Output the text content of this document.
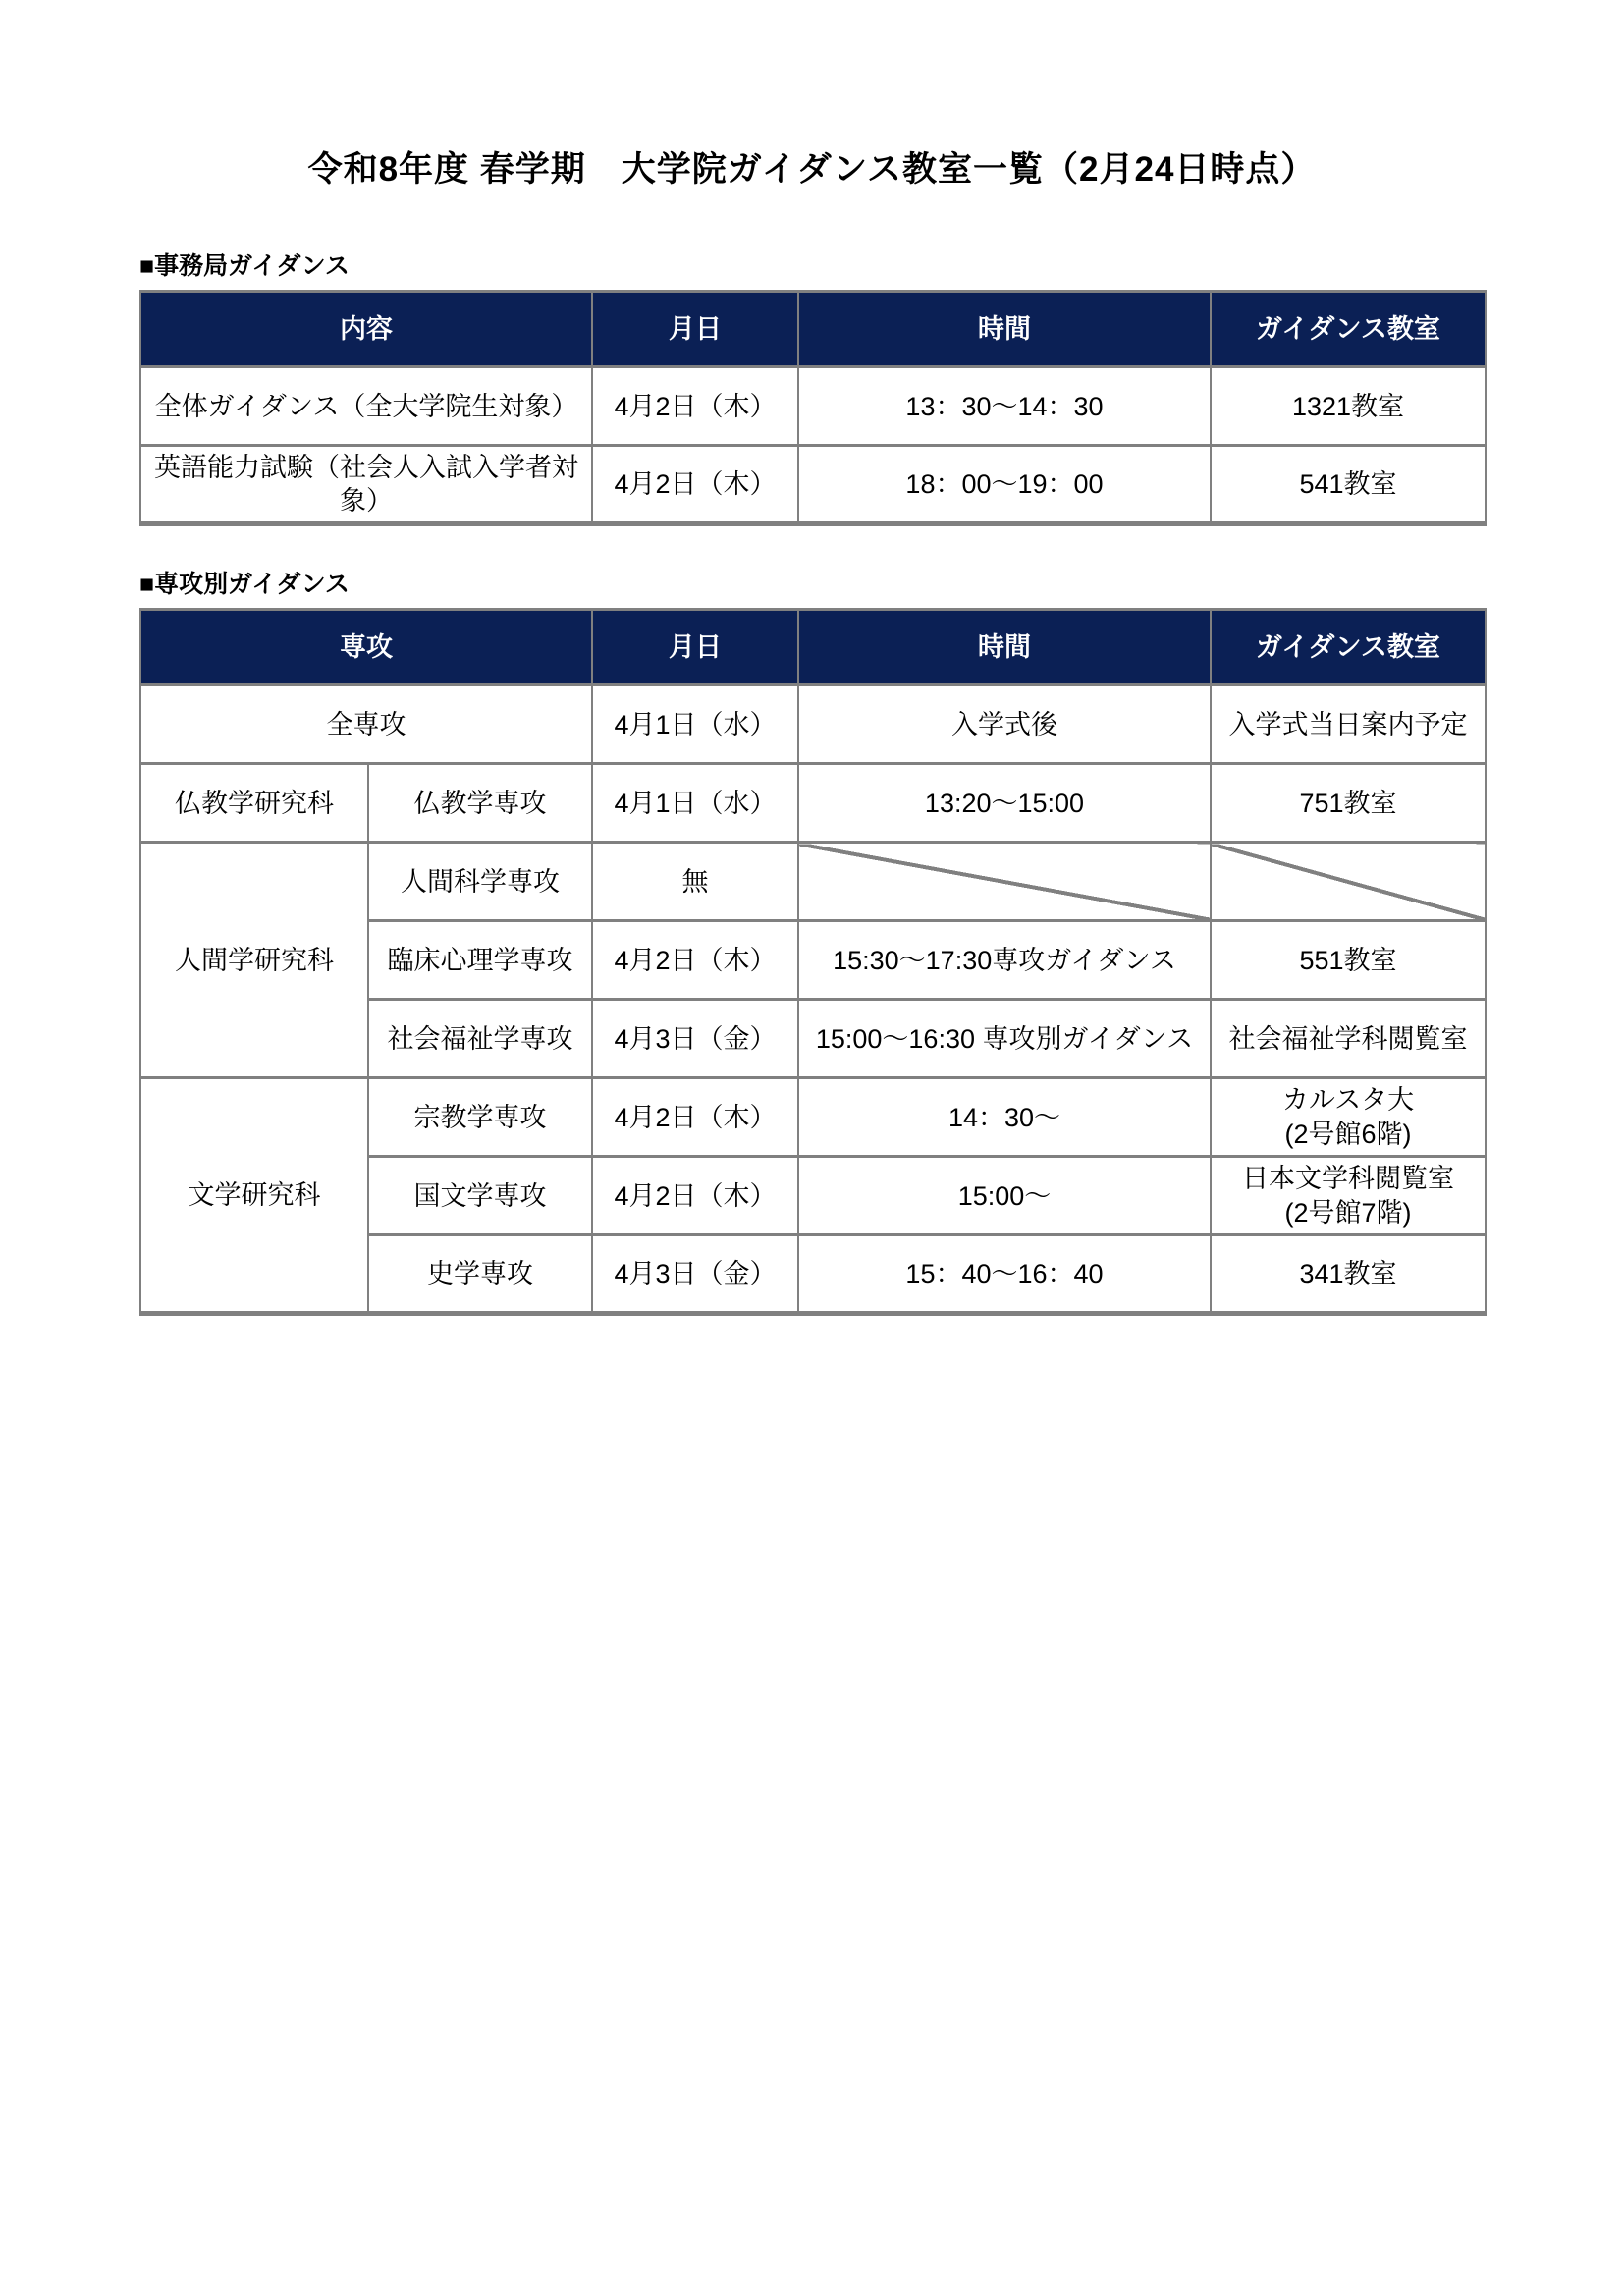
令和8年度 春学期　大学院ガイダンス教室一覧（2月24日時点）
■事務局ガイダンス
内容	月日	時間	ガイダンス教室
全体ガイダンス（全大学院生対象）	4月2日（木）	13：30～14：30	1321教室
英語能力試験（社会人入試入学者対象）	4月2日（木）	18：00～19：00	541教室
■専攻別ガイダンス
専攻		月日	時間	ガイダンス教室
全専攻		4月1日（水）	入学式後	入学式当日案内予定
仏教学研究科	仏教学専攻	4月1日（水）	13:20～15:00	751教室
人間学研究科	人間科学専攻	無		
	臨床心理学専攻	4月2日（木）	15:30～17:30専攻ガイダンス	551教室
	社会福祉学専攻	4月3日（金）	15:00～16:30 専攻別ガイダンス	社会福祉学科閲覧室
文学研究科	宗教学専攻	4月2日（木）	14：30～	カルスタ大
(2号館6階)

	国文学専攻	4月2日（木）	15:00～	日本文学科閲覧室
(2号館7階)

	史学専攻	4月3日（金）	15：40～16：40	341教室
